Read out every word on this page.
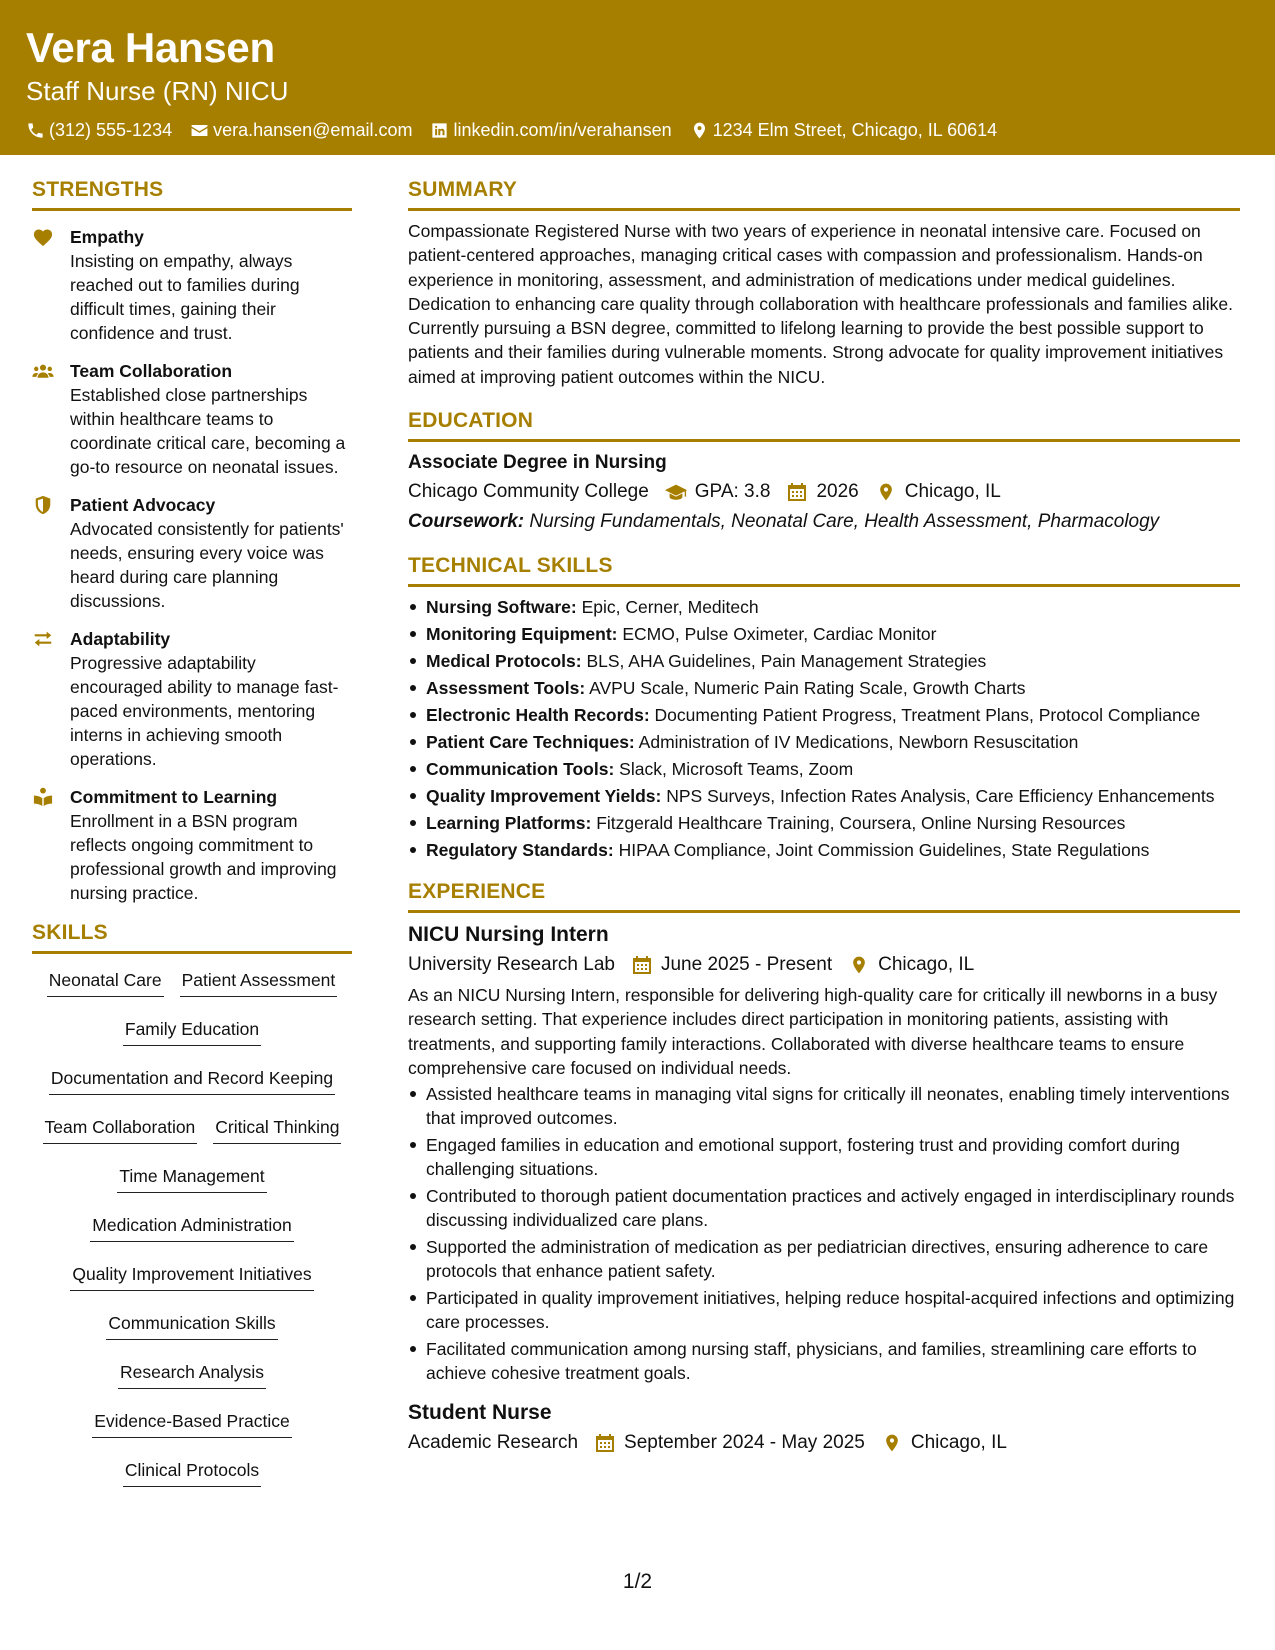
Vera Hansen
Staff Nurse (RN) NICU
(312) 555-1234 vera.hansen@email.com linkedin.com/in/verahansen 1234 Elm Street, Chicago, IL 60614
STRENGTHS
Empathy
Insisting on empathy, always reached out to families during difficult times, gaining their confidence and trust.
Team Collaboration
Established close partnerships within healthcare teams to coordinate critical care, becoming a go-to resource on neonatal issues.
Patient Advocacy
Advocated consistently for patients' needs, ensuring every voice was heard during care planning discussions.
Adaptability
Progressive adaptability encouraged ability to manage fast-paced environments, mentoring interns in achieving smooth operations.
Commitment to Learning
Enrollment in a BSN program reflects ongoing commitment to professional growth and improving nursing practice.
SKILLS
Neonatal Care Patient Assessment
Family Education
Documentation and Record Keeping
Team Collaboration Critical Thinking
Time Management
Medication Administration
Quality Improvement Initiatives
Communication Skills
Research Analysis
Evidence-Based Practice
Clinical Protocols
SUMMARY
Compassionate Registered Nurse with two years of experience in neonatal intensive care. Focused on patient-centered approaches, managing critical cases with compassion and professionalism. Hands-on experience in monitoring, assessment, and administration of medications under medical guidelines. Dedication to enhancing care quality through collaboration with healthcare professionals and families alike. Currently pursuing a BSN degree, committed to lifelong learning to provide the best possible support to patients and their families during vulnerable moments. Strong advocate for quality improvement initiatives aimed at improving patient outcomes within the NICU.
EDUCATION
Associate Degree in Nursing
Chicago Community College GPA: 3.8 2026 Chicago, IL
Coursework: Nursing Fundamentals, Neonatal Care, Health Assessment, Pharmacology
TECHNICAL SKILLS
Nursing Software: Epic, Cerner, Meditech
Monitoring Equipment: ECMO, Pulse Oximeter, Cardiac Monitor
Medical Protocols: BLS, AHA Guidelines, Pain Management Strategies
Assessment Tools: AVPU Scale, Numeric Pain Rating Scale, Growth Charts
Electronic Health Records: Documenting Patient Progress, Treatment Plans, Protocol Compliance
Patient Care Techniques: Administration of IV Medications, Newborn Resuscitation
Communication Tools: Slack, Microsoft Teams, Zoom
Quality Improvement Yields: NPS Surveys, Infection Rates Analysis, Care Efficiency Enhancements
Learning Platforms: Fitzgerald Healthcare Training, Coursera, Online Nursing Resources
Regulatory Standards: HIPAA Compliance, Joint Commission Guidelines, State Regulations
EXPERIENCE
NICU Nursing Intern
University Research Lab June 2025 - Present Chicago, IL
As an NICU Nursing Intern, responsible for delivering high-quality care for critically ill newborns in a busy research setting. That experience includes direct participation in monitoring patients, assisting with treatments, and supporting family interactions. Collaborated with diverse healthcare teams to ensure comprehensive care focused on individual needs.
Assisted healthcare teams in managing vital signs for critically ill neonates, enabling timely interventions that improved outcomes.
Engaged families in education and emotional support, fostering trust and providing comfort during challenging situations.
Contributed to thorough patient documentation practices and actively engaged in interdisciplinary rounds discussing individualized care plans.
Supported the administration of medication as per pediatrician directives, ensuring adherence to care protocols that enhance patient safety.
Participated in quality improvement initiatives, helping reduce hospital-acquired infections and optimizing care processes.
Facilitated communication among nursing staff, physicians, and families, streamlining care efforts to achieve cohesive treatment goals.
Student Nurse
Academic Research September 2024 - May 2025 Chicago, IL
1/2
